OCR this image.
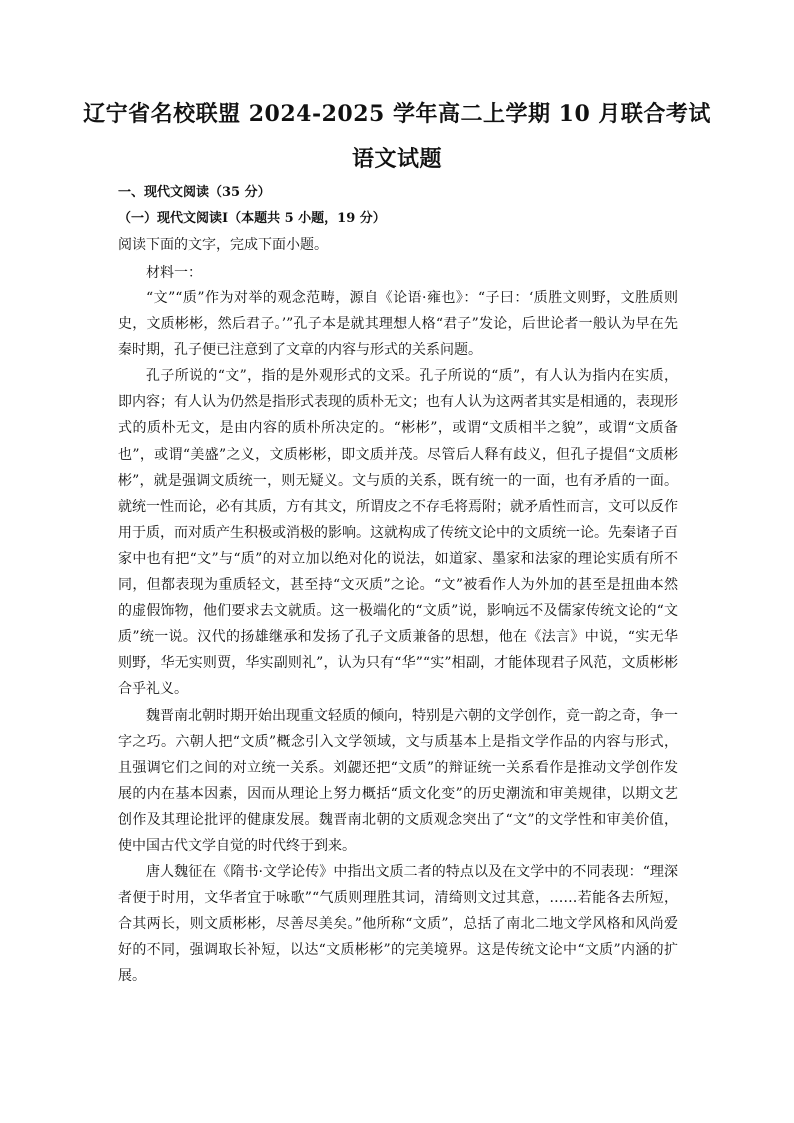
辽宁省名校联盟 2024-2025 学年高二上学期 10 月联合考试
语文试题
一、现代文阅读（35 分）
（一）现代文阅读Ⅰ（本题共 5 小题，19 分）
阅读下面的文字，完成下面小题。
材料一：

“文”“质”作为对举的观念范畴，源自《论语·雍也》：“子曰：‘质胜文则野，文胜质则史，文质彬彬，然后君子。’”孔子本是就其理想人格“君子”发论，后世论者一般认为早在先秦时期，孔子便已注意到了文章的内容与形式的关系问题。

孔子所说的“文”，指的是外观形式的文采。孔子所说的“质”，有人认为指内在实质，即内容；有人认为仍然是指形式表现的质朴无文；也有人认为这两者其实是相通的，表现形式的质朴无文，是由内容的质朴所决定的。“彬彬”，或谓“文质相半之貌”，或谓“文质备也”，或谓“美盛”之义，文质彬彬，即文质并茂。尽管后人释有歧义，但孔子提倡“文质彬彬”，就是强调文质统一，则无疑义。文与质的关系，既有统一的一面，也有矛盾的一面。就统一性而论，必有其质，方有其文，所谓皮之不存毛将焉附；就矛盾性而言，文可以反作用于质，而对质产生积极或消极的影响。这就构成了传统文论中的文质统一论。先秦诸子百家中也有把“文”与“质”的对立加以绝对化的说法，如道家、墨家和法家的理论实质有所不同，但都表现为重质轻文，甚至持“文灭质”之论。“文”被看作人为外加的甚至是扭曲本然的虚假饰物，他们要求去文就质。这一极端化的“文质”说，影响远不及儒家传统文论的“文质”统一说。汉代的扬雄继承和发扬了孔子文质兼备的思想，他在《法言》中说，“实无华则野，华无实则贾，华实副则礼”，认为只有“华”“实”相副，才能体现君子风范，文质彬彬合乎礼义。

魏晋南北朝时期开始出现重文轻质的倾向，特别是六朝的文学创作，竞一韵之奇，争一字之巧。六朝人把“文质”概念引入文学领域，文与质基本上是指文学作品的内容与形式，且强调它们之间的对立统一关系。刘勰还把“文质”的辩证统一关系看作是推动文学创作发展的内在基本因素，因而从理论上努力概括“质文化变”的历史潮流和审美规律，以期文艺创作及其理论批评的健康发展。魏晋南北朝的文质观念突出了“文”的文学性和审美价值，使中国古代文学自觉的时代终于到来。

唐人魏征在《隋书·文学论传》中指出文质二者的特点以及在文学中的不同表现：“理深者便于时用，文华者宜于咏歌”“气质则理胜其词，清绮则文过其意，……若能各去所短，合其两长，则文质彬彬，尽善尽美矣。”他所称“文质”，总括了南北二地文学风格和风尚爱好的不同，强调取长补短，以达“文质彬彬”的完美境界。这是传统文论中“文质”内涵的扩展。
